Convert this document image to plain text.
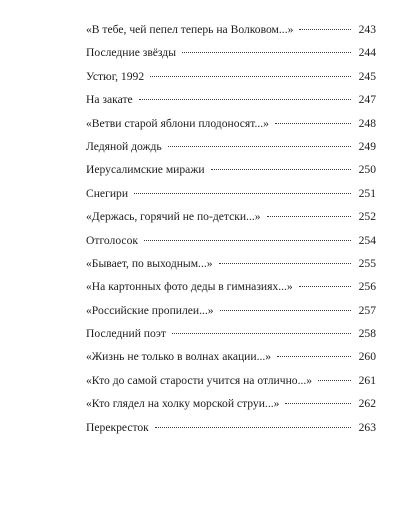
«В тебе, чей пепел теперь на Волковом...»	243
Последние звёзды	244
Устюг, 1992	245
На закате	247
«Ветви старой яблони плодоносят...»	248
Ледяной дождь	249
Иерусалимские миражи	250
Снегири	251
«Держась, горячий не по-детски...»	252
Отголосок	254
«Бывает, по выходным...»	255
«На картонных фото деды в гимназиях...»	256
«Российские пропилеи...»	257
Последний поэт	258
«Жизнь не только в волнах акации...»	260
«Кто до самой старости учится на отлично...»	261
«Кто глядел на холку морской струи...»	262
Перекресток	263
